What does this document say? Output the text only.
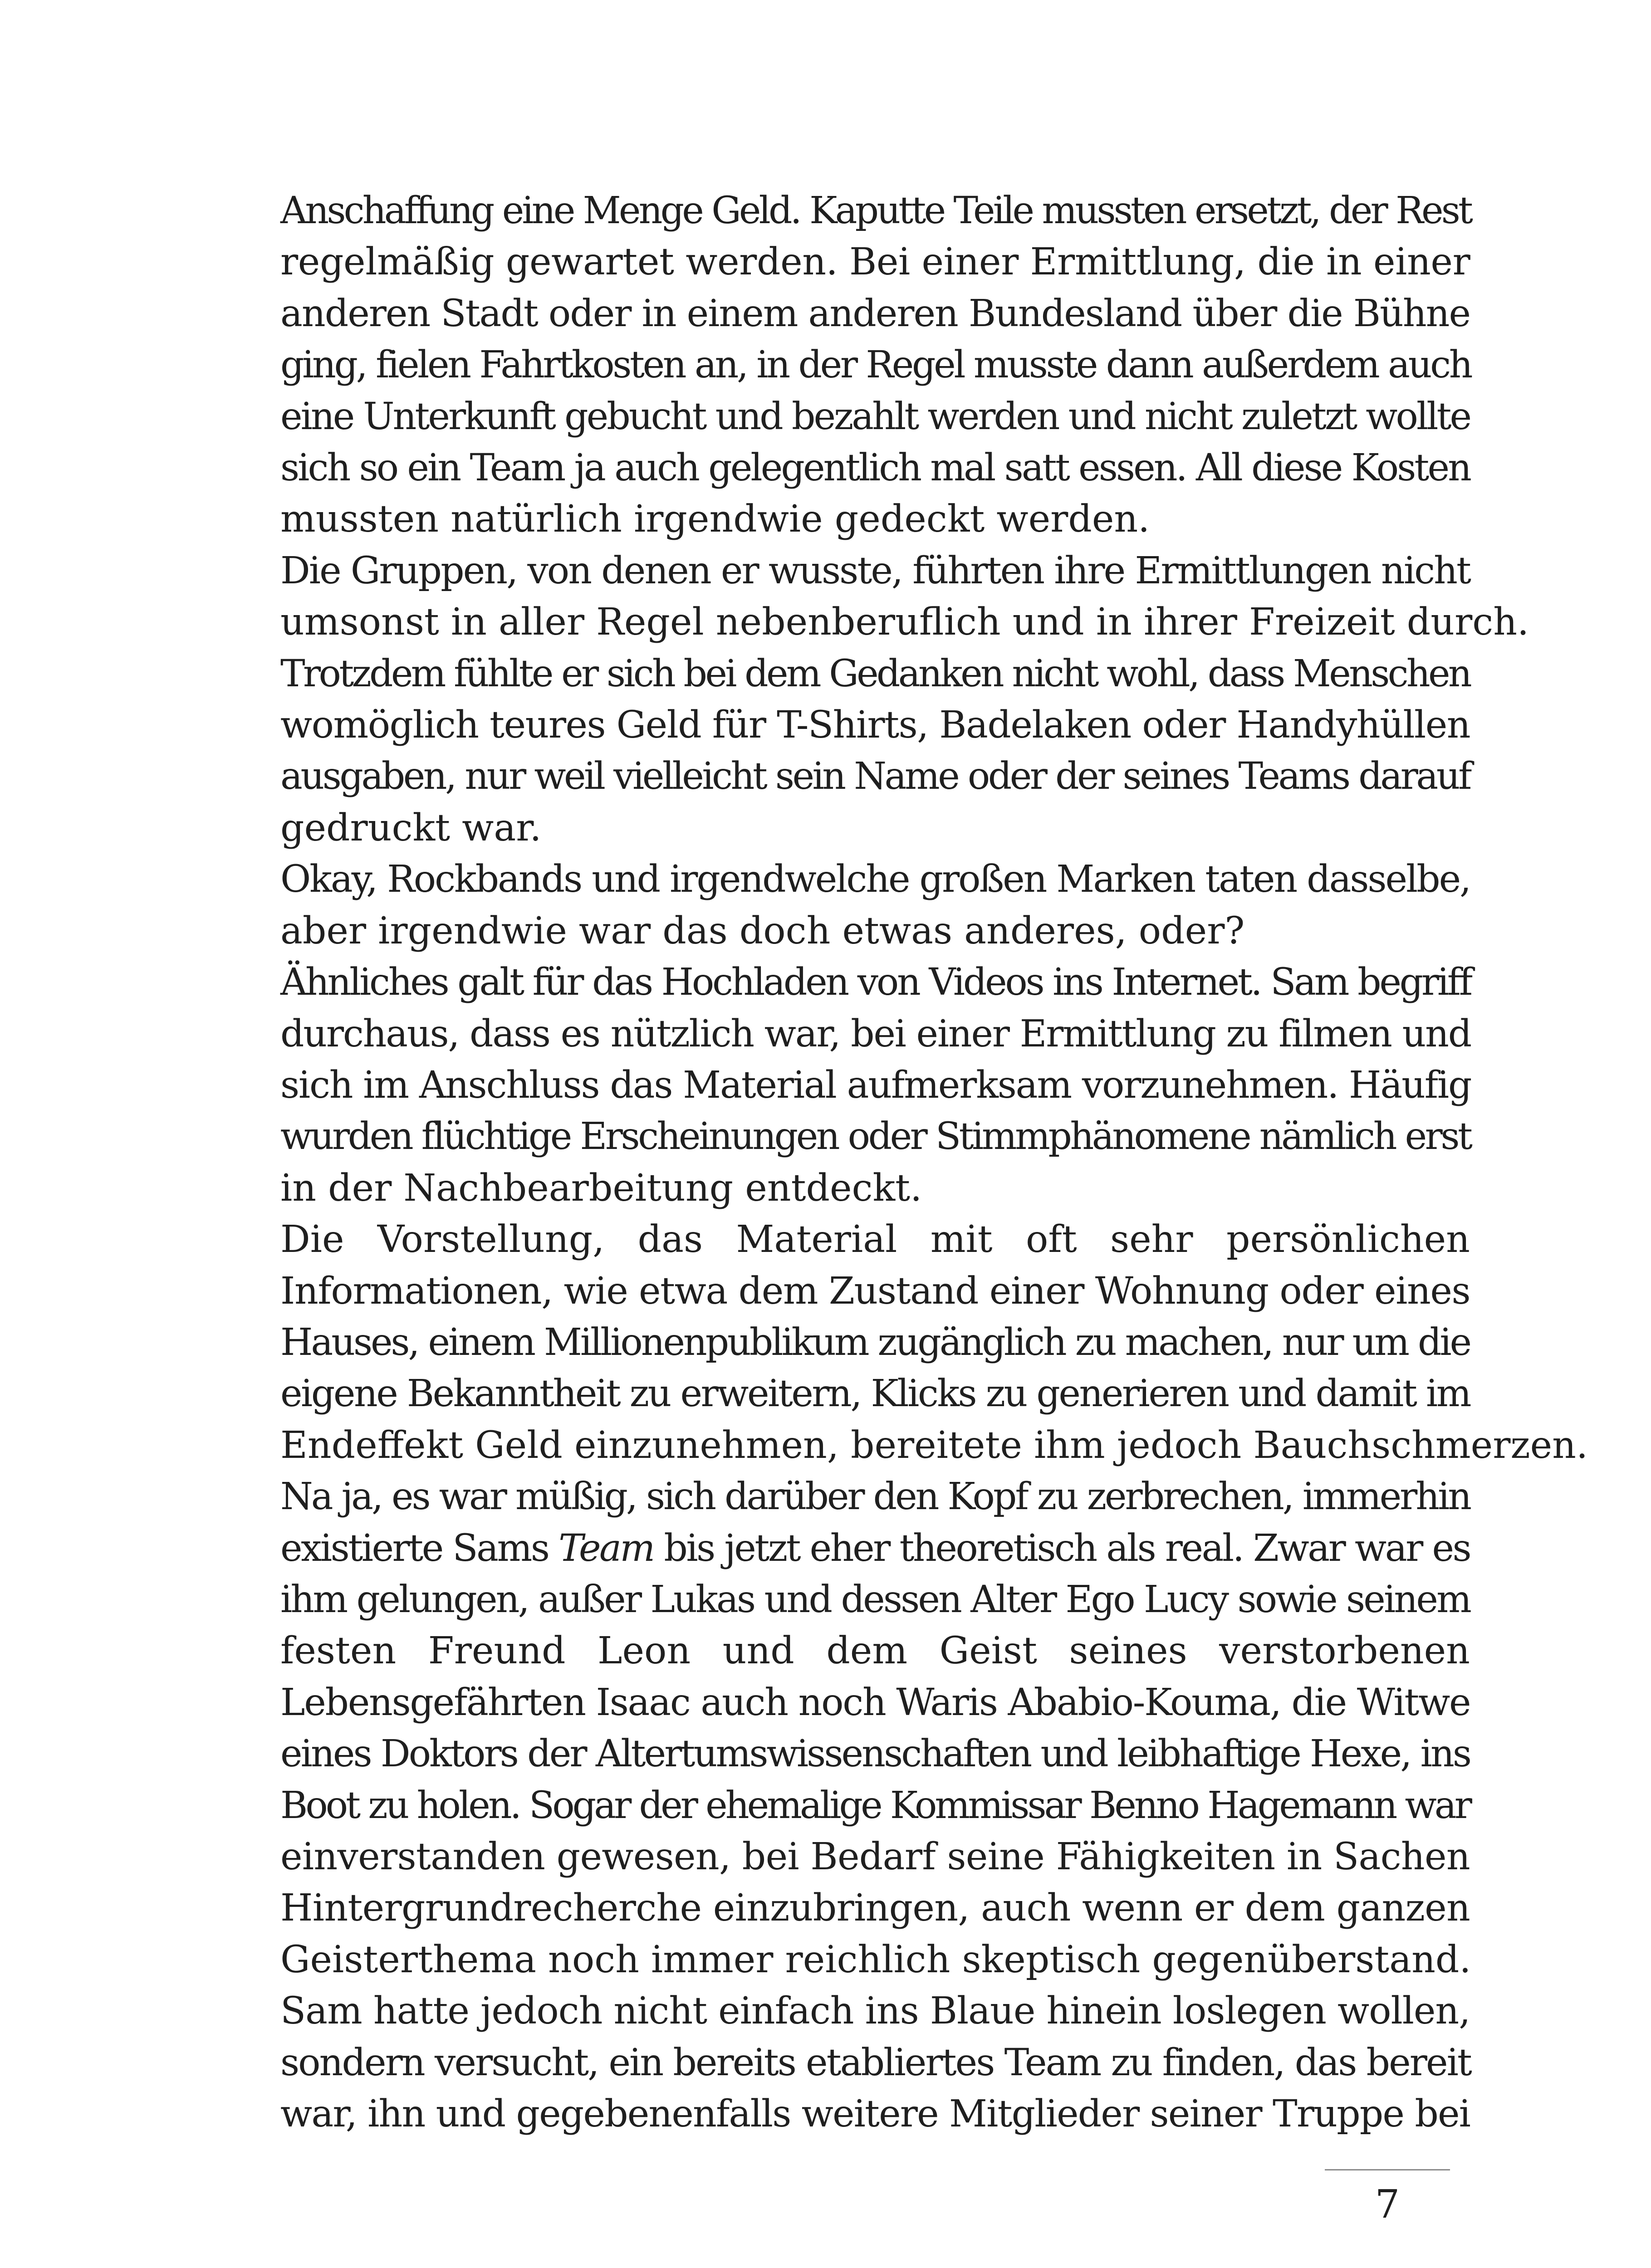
Anschaffung eine Menge Geld. Kaputte Teile mussten ersetzt, der Rest
regelmäßig gewartet werden. Bei einer Ermittlung, die in einer
anderen Stadt oder in einem anderen Bundesland über die Bühne
ging, fielen Fahrtkosten an, in der Regel musste dann außerdem auch
eine Unterkunft gebucht und bezahlt werden und nicht zuletzt wollte
sich so ein Team ja auch gelegentlich mal satt essen. All diese Kosten
mussten natürlich irgendwie gedeckt werden.

Die Gruppen, von denen er wusste, führten ihre Ermittlungen nicht
umsonst in aller Regel nebenberuflich und in ihrer Freizeit durch.

Trotzdem fühlte er sich bei dem Gedanken nicht wohl, dass Menschen
womöglich teures Geld für T-Shirts, Badelaken oder Handyhüllen
ausgaben, nur weil vielleicht sein Name oder der seines Teams darauf
gedruckt war.

Okay, Rockbands und irgendwelche großen Marken taten dasselbe,
aber irgendwie war das doch etwas anderes, oder?

Ähnliches galt für das Hochladen von Videos ins Internet. Sam begriff
durchaus, dass es nützlich war, bei einer Ermittlung zu filmen und
sich im Anschluss das Material aufmerksam vorzunehmen. Häufig
wurden flüchtige Erscheinungen oder Stimmphänomene nämlich erst
in der Nachbearbeitung entdeckt.

Die Vorstellung, das Material mit oft sehr persönlichen
Informationen, wie etwa dem Zustand einer Wohnung oder eines
Hauses, einem Millionenpublikum zugänglich zu machen, nur um die
eigene Bekanntheit zu erweitern, Klicks zu generieren und damit im
Endeffekt Geld einzunehmen, bereitete ihm jedoch Bauchschmerzen.

Na ja, es war müßig, sich darüber den Kopf zu zerbrechen, immerhin
existierte Sams Team bis jetzt eher theoretisch als real. Zwar war es
ihm gelungen, außer Lukas und dessen Alter Ego Lucy sowie seinem
festen Freund Leon und dem Geist seines verstorbenen
Lebensgefährten Isaac auch noch Waris Ababio-Kouma, die Witwe
eines Doktors der Altertumswissenschaften und leibhaftige Hexe, ins
Boot zu holen. Sogar der ehemalige Kommissar Benno Hagemann war
einverstanden gewesen, bei Bedarf seine Fähigkeiten in Sachen
Hintergrundrecherche einzubringen, auch wenn er dem ganzen
Geisterthema noch immer reichlich skeptisch gegenüberstand.

Sam hatte jedoch nicht einfach ins Blaue hinein loslegen wollen,
sondern versucht, ein bereits etabliertes Team zu finden, das bereit
war, ihn und gegebenenfalls weitere Mitglieder seiner Truppe bei

7
